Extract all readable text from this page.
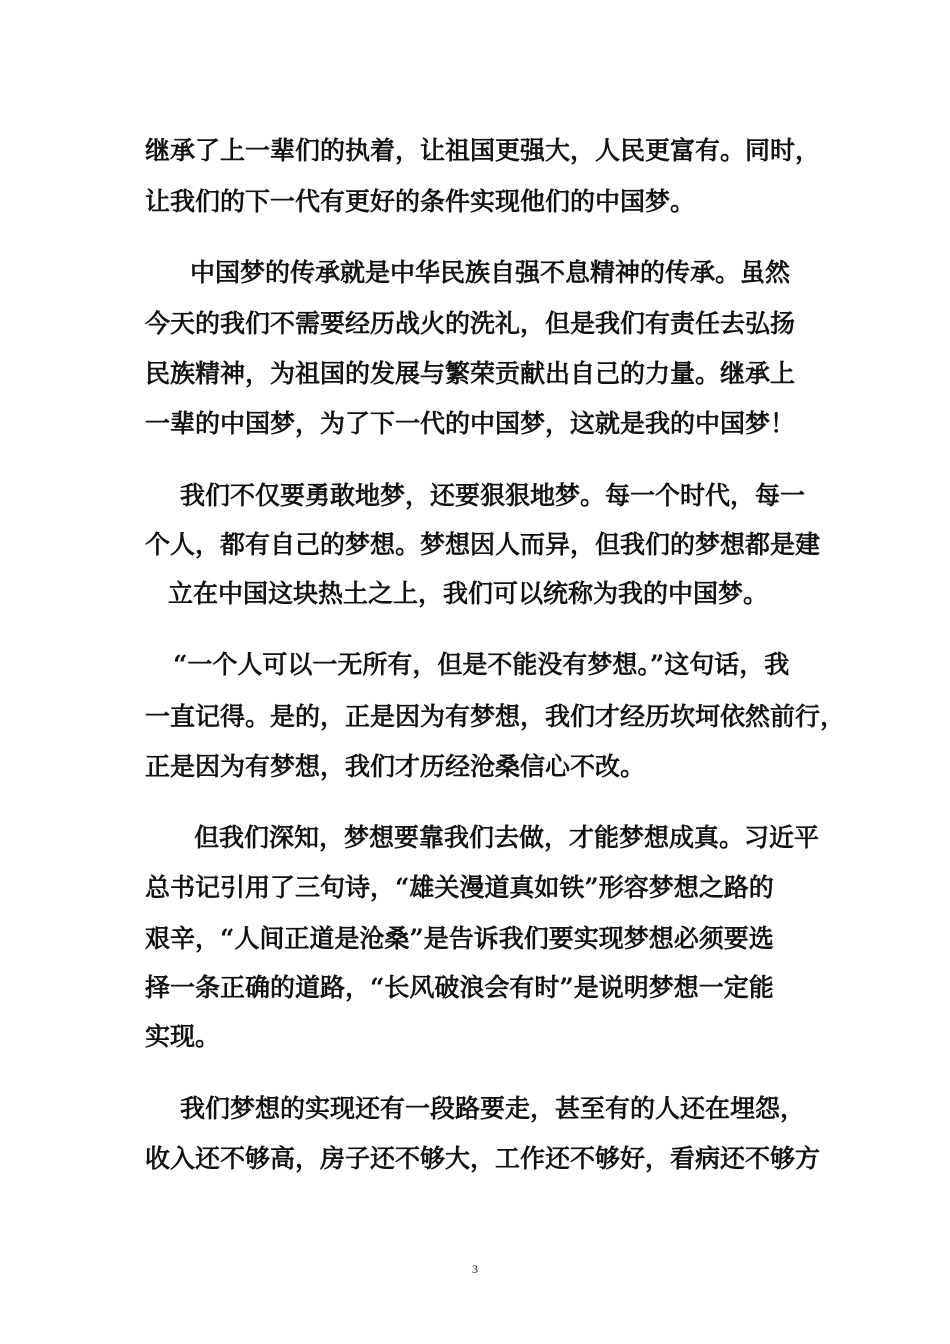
继承了上一辈们的执着，让祖国更强大，人民更富有。同时，
让我们的下一代有更好的条件实现他们的中国梦。
中国梦的传承就是中华民族自强不息精神的传承。虽然
今天的我们不需要经历战火的洗礼，但是我们有责任去弘扬
民族精神，为祖国的发展与繁荣贡献出自己的力量。继承上
一辈的中国梦，为了下一代的中国梦，这就是我的中国梦！
我们不仅要勇敢地梦，还要狠狠地梦。每一个时代，每一
个人，都有自己的梦想。梦想因人而异，但我们的梦想都是建
立在中国这块热土之上，我们可以统称为我的中国梦。
“一个人可以一无所有，但是不能没有梦想。”这句话，我
一直记得。是的，正是因为有梦想，我们才经历坎坷依然前行，
正是因为有梦想，我们才历经沧桑信心不改。
但我们深知，梦想要靠我们去做，才能梦想成真。习近平
总书记引用了三句诗，“雄关漫道真如铁”形容梦想之路的
艰辛，“人间正道是沧桑”是告诉我们要实现梦想必须要选
择一条正确的道路，“长风破浪会有时”是说明梦想一定能
实现。
我们梦想的实现还有一段路要走，甚至有的人还在埋怨，
收入还不够高，房子还不够大，工作还不够好，看病还不够方
3
